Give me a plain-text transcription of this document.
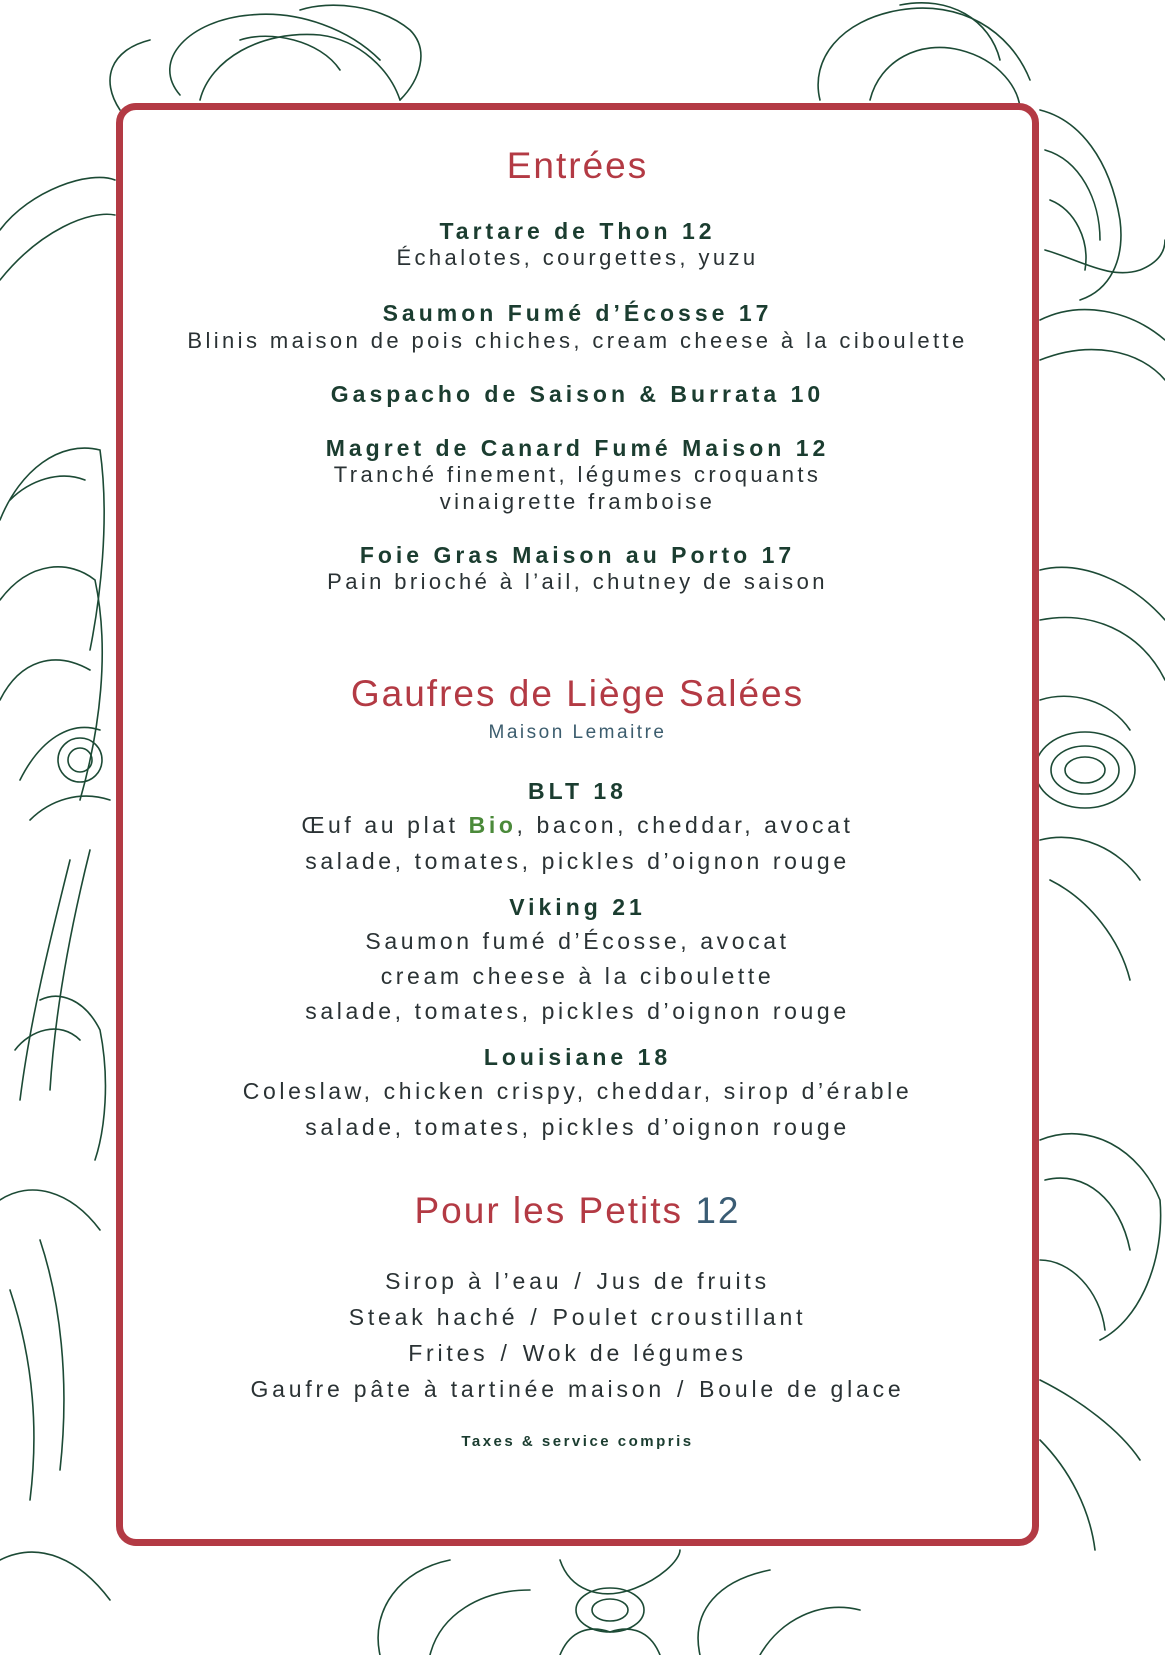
Entrées
Tartare de Thon 12
Échalotes, courgettes, yuzu
Saumon Fumé d’Écosse 17
Blinis maison de pois chiches, cream cheese à la ciboulette
Gaspacho de Saison & Burrata 10
Magret de Canard Fumé Maison 12
Tranché finement, légumes croquants
vinaigrette framboise
Foie Gras Maison au Porto 17
Pain brioché à l’ail, chutney de saison
Gaufres de Liège Salées
Maison Lemaitre
BLT 18
Œuf au plat Bio, bacon, cheddar, avocat
salade, tomates, pickles d’oignon rouge
Viking 21
Saumon fumé d’Écosse, avocat
cream cheese à la ciboulette
salade, tomates, pickles d’oignon rouge
Louisiane 18
Coleslaw, chicken crispy, cheddar, sirop d’érable
salade, tomates, pickles d’oignon rouge
Pour les Petits 12
Sirop à l’eau / Jus de fruits
Steak haché / Poulet croustillant
Frites / Wok de légumes
Gaufre pâte à tartinée maison / Boule de glace
Taxes & service compris
